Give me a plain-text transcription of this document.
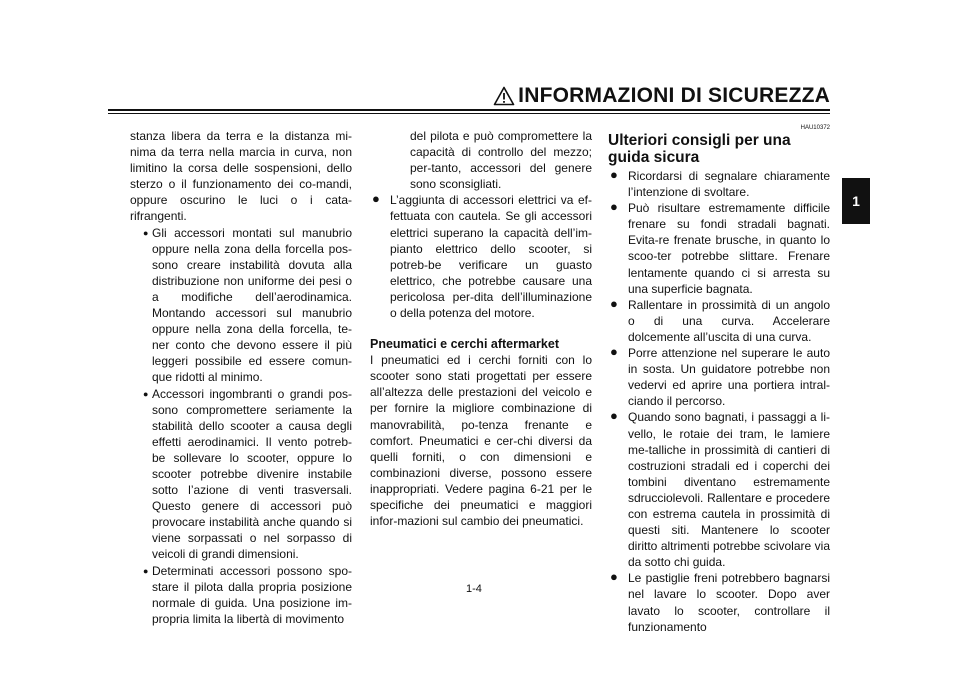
INFORMAZIONI DI SICUREZZA
1

stanza libera da terra e la distanza mi-nima da terra nella marcia in curva, non limitino la corsa delle sospensioni, dello sterzo o il funzionamento dei co-mandi, oppure oscurino le luci o i cata-rifrangenti.

● Gli accessori montati sul manubrio oppure nella zona della forcella pos-sono creare instabilità dovuta alla distribuzione non uniforme dei pesi o a modifiche dell’aerodinamica. Montando accessori sul manubrio oppure nella zona della forcella, te-ner conto che devono essere il più leggeri possibile ed essere comun-que ridotti al minimo.
● Accessori ingombranti o grandi pos-sono compromettere seriamente la stabilità dello scooter a causa degli effetti aerodinamici. Il vento potreb-be sollevare lo scooter, oppure lo scooter potrebbe divenire instabile sotto l’azione di venti trasversali. Questo genere di accessori può provocare instabilità anche quando si viene sorpassati o nel sorpasso di veicoli di grandi dimensioni.
● Determinati accessori possono spo-stare il pilota dalla propria posizione normale di guida. Una posizione im-propria limita la libertà di movimento

del pilota e può compromettere la capacità di controllo del mezzo; per-tanto, accessori del genere sono sconsigliati.

● L’aggiunta di accessori elettrici va ef-fettuata con cautela. Se gli accessori elettrici superano la capacità dell’im-pianto elettrico dello scooter, si potreb-be verificare un guasto elettrico, che potrebbe causare una pericolosa per-dita dell’illuminazione o della potenza del motore.
Pneumatici e cerchi aftermarket

I pneumatici ed i cerchi forniti con lo scooter sono stati progettati per essere all’altezza delle prestazioni del veicolo e per fornire la migliore combinazione di manovrabilità, po-tenza frenante e comfort. Pneumatici e cer-chi diversi da quelli forniti, o con dimensioni e combinazioni diverse, possono essere inappropriati. Vedere pagina 6-21 per le specifiche dei pneumatici e maggiori infor-mazioni sul cambio dei pneumatici.

HAU10372
Ulteriori consigli per una guida sicura
● Ricordarsi di segnalare chiaramente l’intenzione di svoltare.
● Può risultare estremamente difficile frenare su fondi stradali bagnati. Evita-re frenate brusche, in quanto lo scoo-ter potrebbe slittare. Frenare lentamente quando ci si arresta su una superficie bagnata.
● Rallentare in prossimità di un angolo o di una curva. Accelerare dolcemente all’uscita di una curva.
● Porre attenzione nel superare le auto in sosta. Un guidatore potrebbe non vedervi ed aprire una portiera intral-ciando il percorso.
● Quando sono bagnati, i passaggi a li-vello, le rotaie dei tram, le lamiere me-talliche in prossimità di cantieri di costruzioni stradali ed i coperchi dei tombini diventano estremamente sdrucciolevoli. Rallentare e procedere con estrema cautela in prossimità di questi siti. Mantenere lo scooter diritto altrimenti potrebbe scivolare via da sotto chi guida.
● Le pastiglie freni potrebbero bagnarsi nel lavare lo scooter. Dopo aver lavato lo scooter, controllare il funzionamento
1-4
